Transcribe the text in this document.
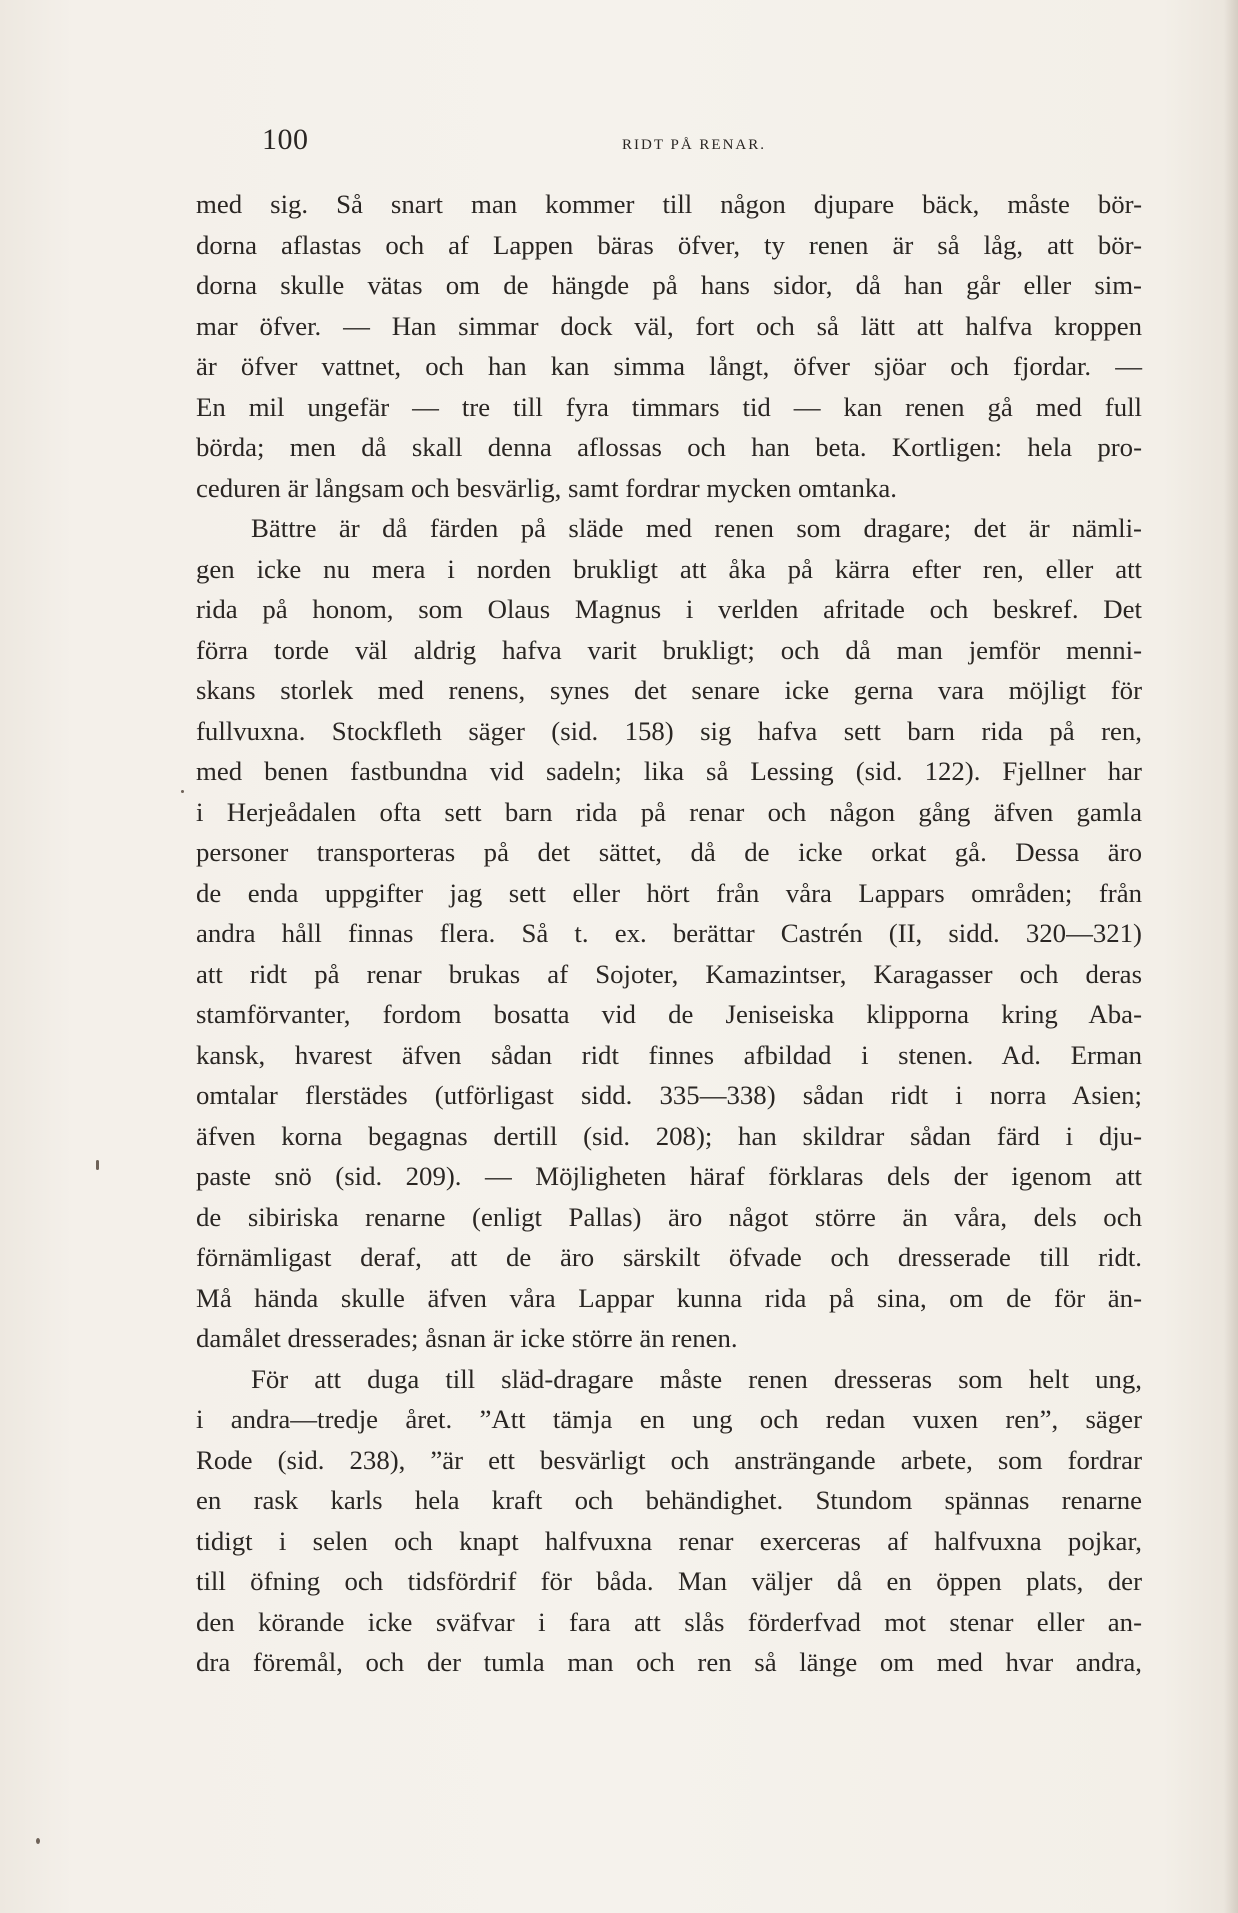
100	RIDT PÅ RENAR.
med sig. Så snart man kommer till någon djupare bäck, måste bör-
dorna aflastas och af Lappen bäras öfver, ty renen är så låg, att bör-
dorna skulle vätas om de hängde på hans sidor, då han går eller sim-
mar öfver. — Han simmar dock väl, fort och så lätt att halfva kroppen
är öfver vattnet, och han kan simma långt, öfver sjöar och fjordar. —
En mil ungefär — tre till fyra timmars tid — kan renen gå med full
börda; men då skall denna aflossas och han beta. Kortligen: hela pro-
ceduren är långsam och besvärlig, samt fordrar mycken omtanka.
Bättre är då färden på släde med renen som dragare; det är nämli-
gen icke nu mera i norden brukligt att åka på kärra efter ren, eller att
rida på honom, som Olaus Magnus i verlden afritade och beskref. Det
förra torde väl aldrig hafva varit brukligt; och då man jemför menni-
skans storlek med renens, synes det senare icke gerna vara möjligt för
fullvuxna. Stockfleth säger (sid. 158) sig hafva sett barn rida på ren,
med benen fastbundna vid sadeln; lika så Lessing (sid. 122). Fjellner har
i Herjeådalen ofta sett barn rida på renar och någon gång äfven gamla
personer transporteras på det sättet, då de icke orkat gå. Dessa äro
de enda uppgifter jag sett eller hört från våra Lappars områden; från
andra håll finnas flera. Så t. ex. berättar Castrén (II, sidd. 320—321)
att ridt på renar brukas af Sojoter, Kamazintser, Karagasser och deras
stamförvanter, fordom bosatta vid de Jeniseiska klipporna kring Aba-
kansk, hvarest äfven sådan ridt finnes afbildad i stenen. Ad. Erman
omtalar flerstädes (utförligast sidd. 335—338) sådan ridt i norra Asien;
äfven korna begagnas dertill (sid. 208); han skildrar sådan färd i dju-
paste snö (sid. 209). — Möjligheten häraf förklaras dels der igenom att
de sibiriska renarne (enligt Pallas) äro något större än våra, dels och
förnämligast deraf, att de äro särskilt öfvade och dresserade till ridt.
Må hända skulle äfven våra Lappar kunna rida på sina, om de för än-
damålet dresserades; åsnan är icke större än renen.
För att duga till släd-dragare måste renen dresseras som helt ung,
i andra—tredje året. ”Att tämja en ung och redan vuxen ren”, säger
Rode (sid. 238), ”är ett besvärligt och ansträngande arbete, som fordrar
en rask karls hela kraft och behändighet. Stundom spännas renarne
tidigt i selen och knapt halfvuxna renar exerceras af halfvuxna pojkar,
till öfning och tidsfördrif för båda. Man väljer då en öppen plats, der
den körande icke sväfvar i fara att slås förderfvad mot stenar eller an-
dra föremål, och der tumla man och ren så länge om med hvar andra,
